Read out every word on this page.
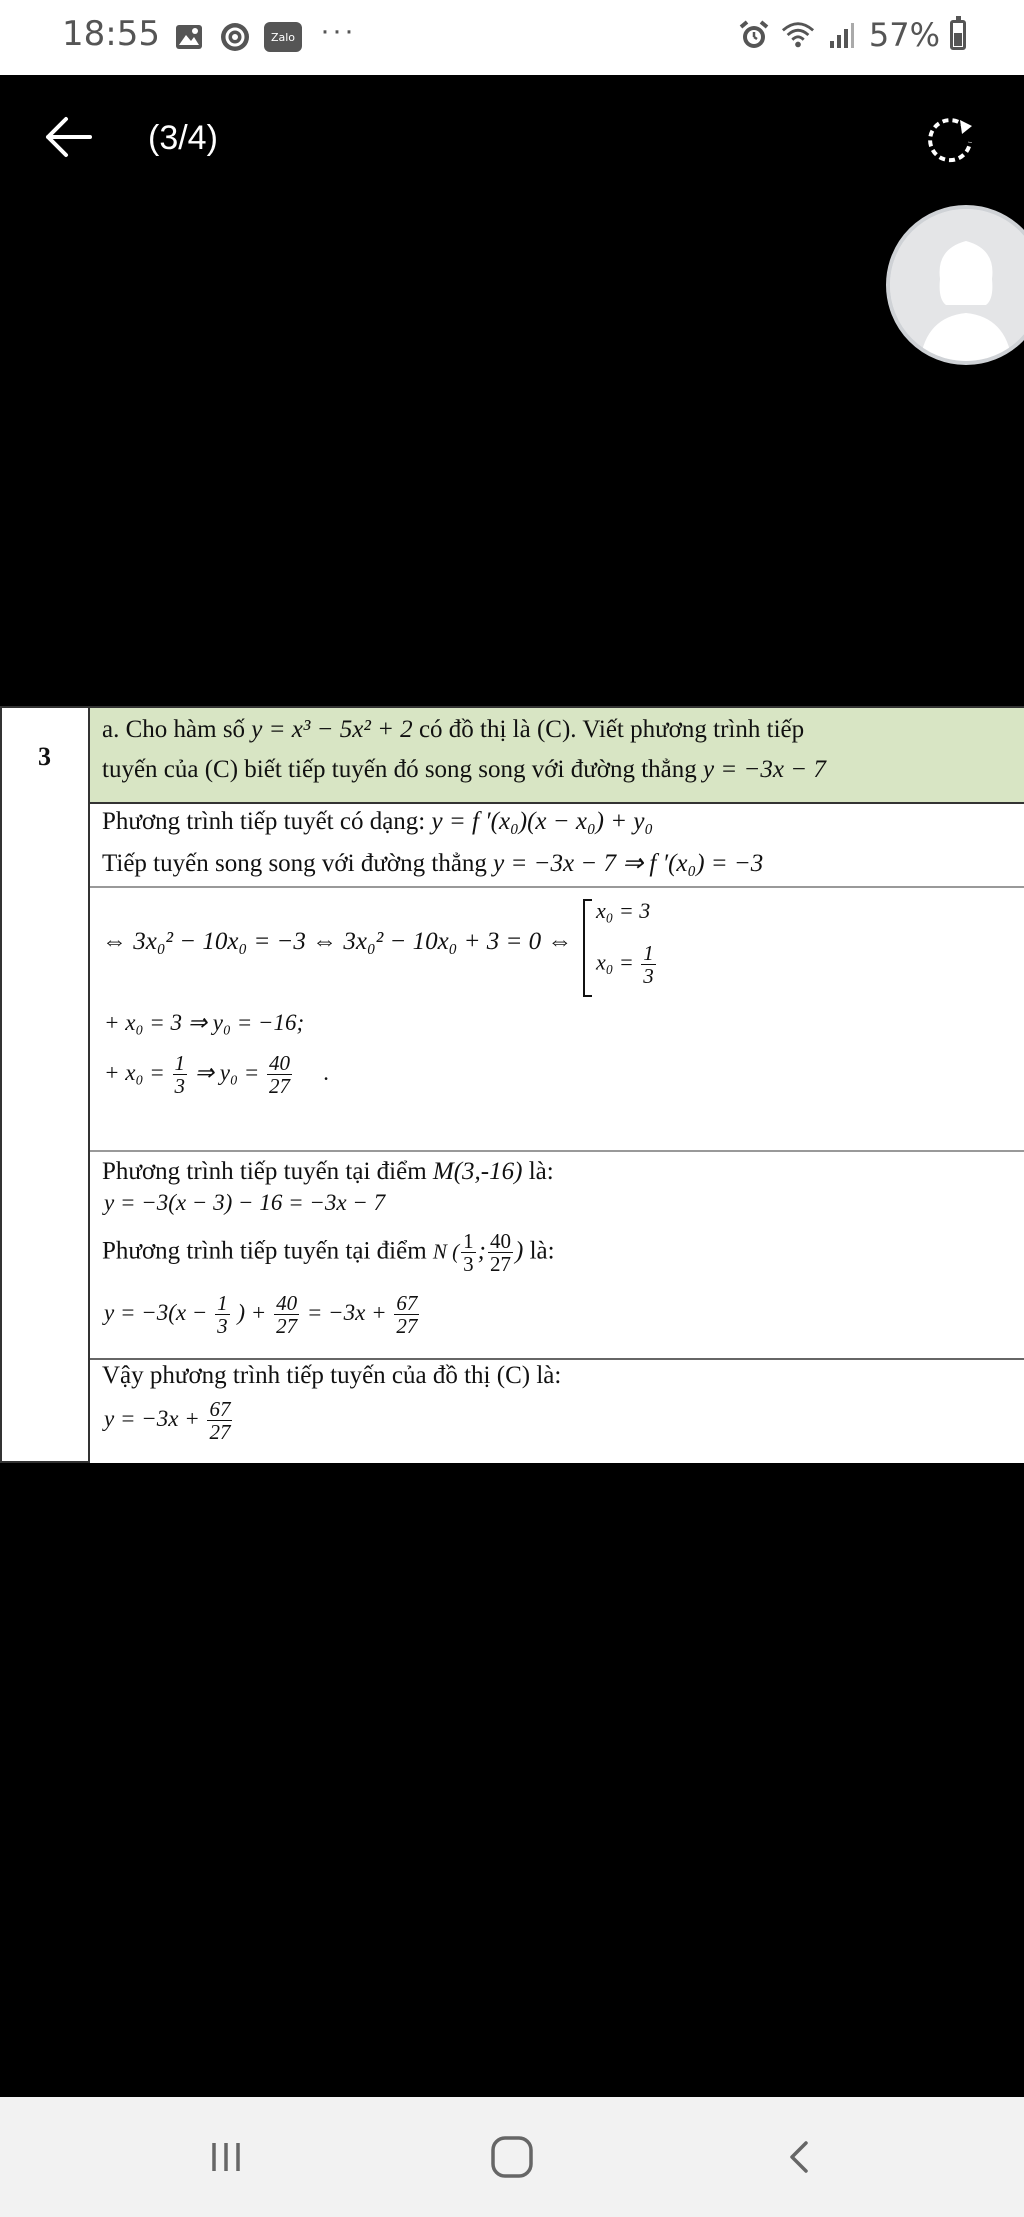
18:55	Zalo ···	57%
(3/4)
3
a. Cho hàm số y = x³ − 5x² + 2 có đồ thị là (C). Viết phương trình tiếp
tuyến của (C) biết tiếp tuyến đó song song với đường thẳng y = −3x − 7
Phương trình tiếp tuyết có dạng: y = f ′(x₀)(x − x₀) + y₀
Tiếp tuyến song song với đường thẳng y = −3x − 7 ⇒ f ′(x₀) = −3
⇔ 3x₀² − 10x₀ = −3 ⇔ 3x₀² − 10x₀ + 3 = 0 ⇔
x₀ = 3
$x_0 = \frac{1}{3}$
+ x₀ = 3 ⇒ y₀ = −16;
+ $x_0 = \frac{1}{3}$ ⇒ $y_0 = \frac{40}{27}$ .
Phương trình tiếp tuyến tại điểm M(3,-16) là:
y = −3(x − 3) − 16 = −3x − 7
Phương trình tiếp tuyến tại điểm N ( $\frac{1}{3}$ ; $\frac{40}{27}$ ) là:
$y = -3(x - \frac{1}{3}$ ) + $\frac{40}{27} = -3x + \frac{67}{27}$
Vậy phương trình tiếp tuyến của đồ thị (C) là:
$y = -3x + \frac{67}{27}$
